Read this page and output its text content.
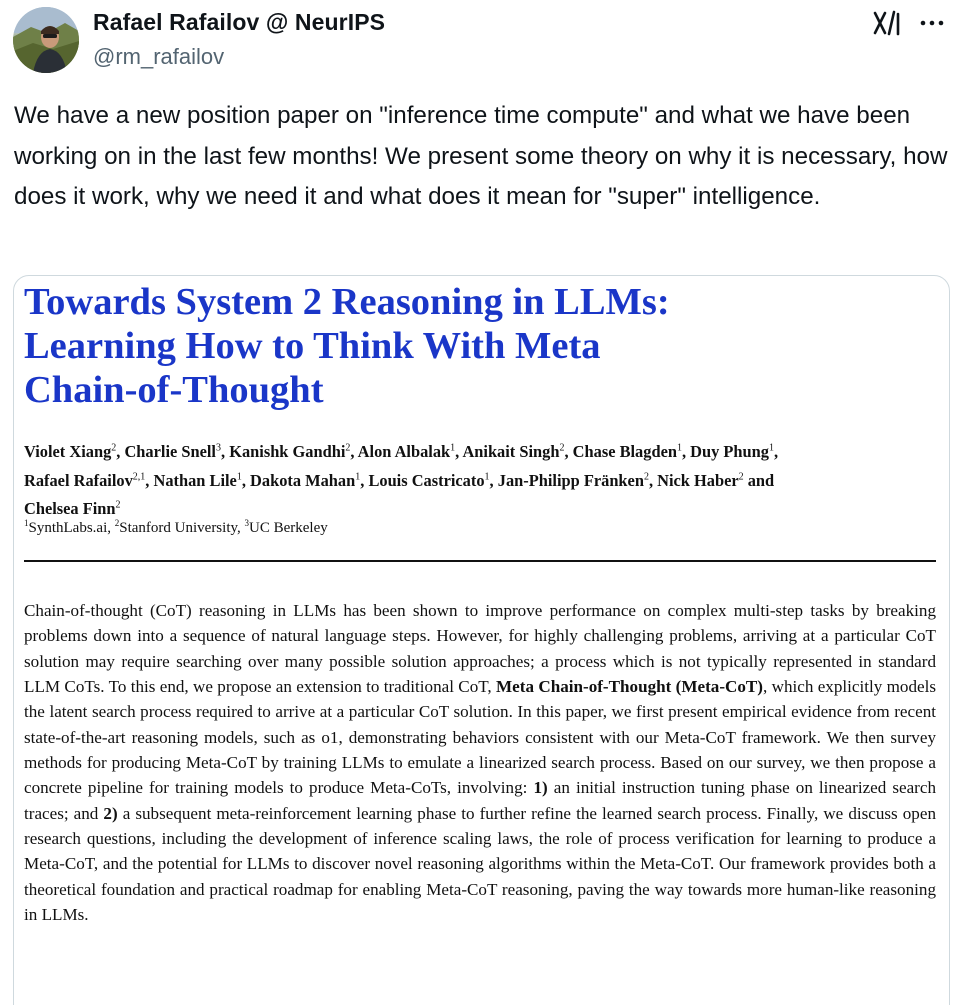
Rafael Rafailov @ NeurIPS
@rm_rafailov
We have a new position paper on "inference time compute" and what we have been working on in the last few months! We present some theory on why it is necessary, how does it work, why we need it and what does it mean for "super" intelligence.
Towards System 2 Reasoning in LLMs:
Learning How to Think With Meta
Chain-of-Thought
Violet Xiang$^2$, Charlie Snell$^3$, Kanishk Gandhi$^2$, Alon Albalak$^1$, Anikait Singh$^2$, Chase Blagden$^1$, Duy Phung$^1$,
Rafael Rafailov$^{2,1}$, Nathan Lile$^1$, Dakota Mahan$^1$, Louis Castricato$^1$, Jan-Philipp Fränken$^2$, Nick Haber$^2$ and
Chelsea Finn$^2$
$^1$SynthLabs.ai, $^2$Stanford University, $^3$UC Berkeley
Chain-of-thought (CoT) reasoning in LLMs has been shown to improve performance on complex multi-step tasks by breaking problems down into a sequence of natural language steps. However, for highly challenging problems, arriving at a particular CoT solution may require searching over many possible solution approaches; a process which is not typically represented in standard LLM CoTs. To this end, we propose an extension to traditional CoT, Meta Chain-of-Thought (Meta-CoT), which explicitly models the latent search process required to arrive at a particular CoT solution. In this paper, we first present empirical evidence from recent state-of-the-art reasoning models, such as o1, demonstrating behaviors consistent with our Meta-CoT framework. We then survey methods for producing Meta-CoT by training LLMs to emulate a linearized search process. Based on our survey, we then propose a concrete pipeline for training models to produce Meta-CoTs, involving: 1) an initial instruction tuning phase on linearized search traces; and 2) a subsequent meta-reinforcement learning phase to further refine the learned search process. Finally, we discuss open research questions, including the development of inference scaling laws, the role of process verification for learning to produce a Meta-CoT, and the potential for LLMs to discover novel reasoning algorithms within the Meta-CoT. Our framework provides both a theoretical foundation and practical roadmap for enabling Meta-CoT reasoning, paving the way towards more human-like reasoning in LLMs.
